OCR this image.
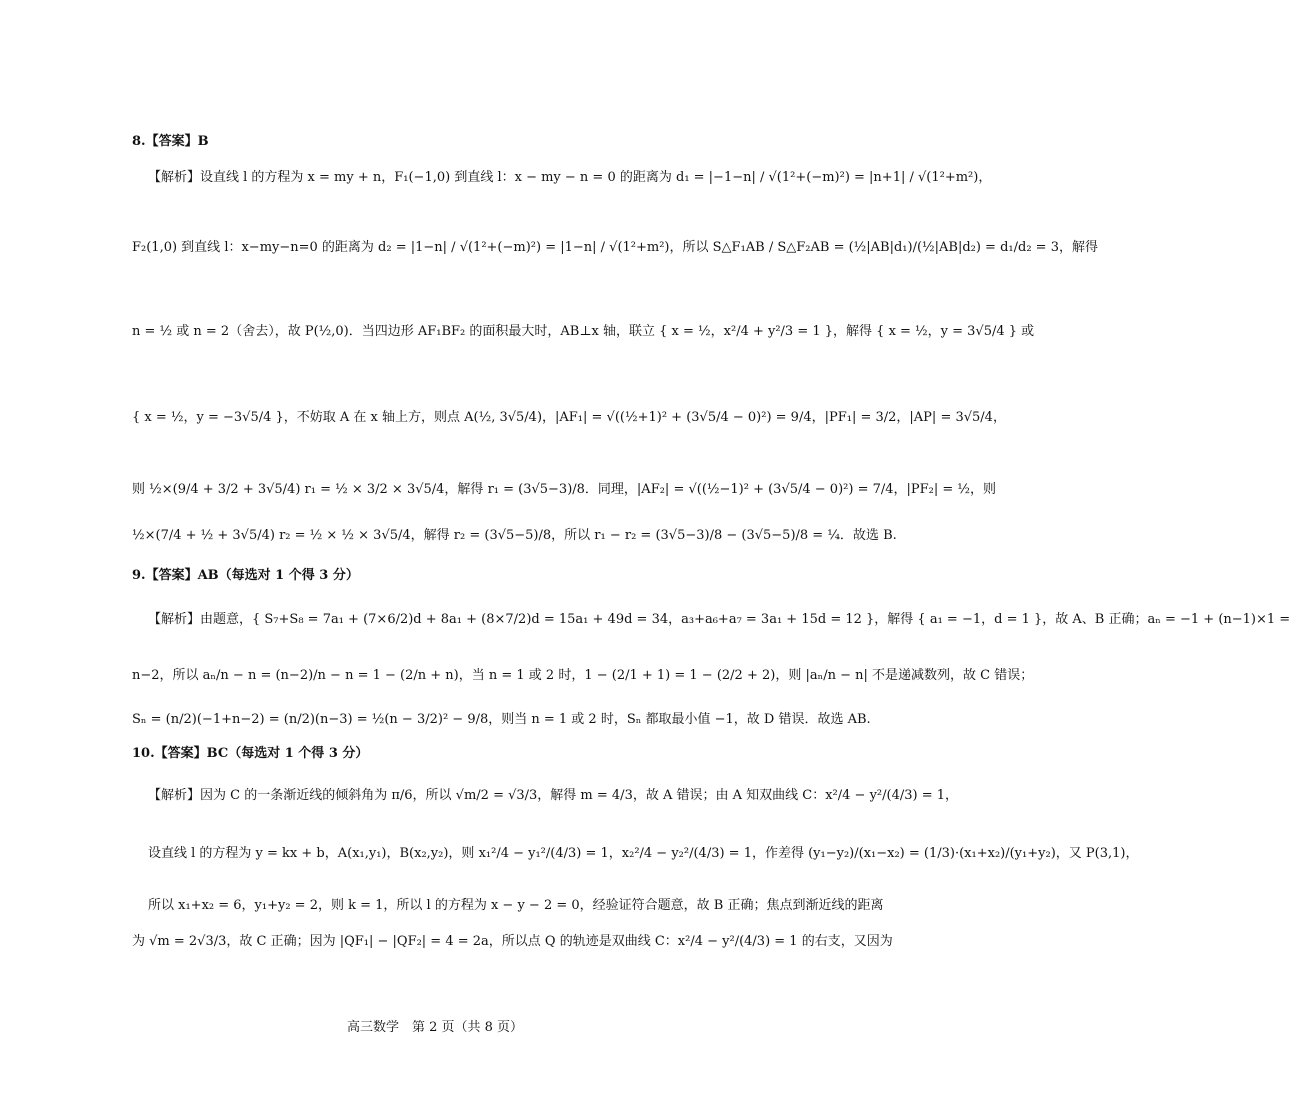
8.【答案】B
【解析】设直线 l 的方程为 x = my + n，F₁(−1,0) 到直线 l：x − my − n = 0 的距离为 d₁ = |−1−n| / √(1²+(−m)²) = |n+1| / √(1²+m²)，
F₂(1,0) 到直线 l：x−my−n=0 的距离为 d₂ = |1−n| / √(1²+(−m)²) = |1−n| / √(1²+m²)，所以 S△F₁AB / S△F₂AB = (½|AB|d₁)/(½|AB|d₂) = d₁/d₂ = 3，解得
n = ½ 或 n = 2（舍去），故 P(½,0)．当四边形 AF₁BF₂ 的面积最大时，AB⊥x 轴，联立 { x = ½，x²/4 + y²/3 = 1 }，解得 { x = ½，y = 3√5/4 } 或
{ x = ½，y = −3√5/4 }，不妨取 A 在 x 轴上方，则点 A(½, 3√5/4)，|AF₁| = √((½+1)² + (3√5/4 − 0)²) = 9/4，|PF₁| = 3/2，|AP| = 3√5/4，
则 ½×(9/4 + 3/2 + 3√5/4) r₁ = ½ × 3/2 × 3√5/4，解得 r₁ = (3√5−3)/8．同理，|AF₂| = √((½−1)² + (3√5/4 − 0)²) = 7/4，|PF₂| = ½，则
½×(7/4 + ½ + 3√5/4) r₂ = ½ × ½ × 3√5/4，解得 r₂ = (3√5−5)/8，所以 r₁ − r₂ = (3√5−3)/8 − (3√5−5)/8 = ¼．故选 B.
9.【答案】AB（每选对 1 个得 3 分）
【解析】由题意，{ S₇+S₈ = 7a₁ + (7×6/2)d + 8a₁ + (8×7/2)d = 15a₁ + 49d = 34，a₃+a₆+a₇ = 3a₁ + 15d = 12 }，解得 { a₁ = −1，d = 1 }，故 A、B 正确；aₙ = −1 + (n−1)×1 =
n−2，所以 aₙ/n − n = (n−2)/n − n = 1 − (2/n + n)，当 n = 1 或 2 时，1 − (2/1 + 1) = 1 − (2/2 + 2)，则 |aₙ/n − n| 不是递减数列，故 C 错误；
Sₙ = (n/2)(−1+n−2) = (n/2)(n−3) = ½(n − 3/2)² − 9/8，则当 n = 1 或 2 时，Sₙ 都取最小值 −1，故 D 错误．故选 AB.
10.【答案】BC（每选对 1 个得 3 分）
【解析】因为 C 的一条渐近线的倾斜角为 π/6，所以 √m/2 = √3/3，解得 m = 4/3，故 A 错误；由 A 知双曲线 C：x²/4 − y²/(4/3) = 1，
设直线 l 的方程为 y = kx + b，A(x₁,y₁)，B(x₂,y₂)，则 x₁²/4 − y₁²/(4/3) = 1，x₂²/4 − y₂²/(4/3) = 1，作差得 (y₁−y₂)/(x₁−x₂) = (1/3)·(x₁+x₂)/(y₁+y₂)，又 P(3,1)，
所以 x₁+x₂ = 6，y₁+y₂ = 2，则 k = 1，所以 l 的方程为 x − y − 2 = 0，经验证符合题意，故 B 正确；焦点到渐近线的距离
为 √m = 2√3/3，故 C 正确；因为 |QF₁| − |QF₂| = 4 = 2a，所以点 Q 的轨迹是双曲线 C：x²/4 − y²/(4/3) = 1 的右支，又因为
高三数学　第 2 页（共 8 页）
